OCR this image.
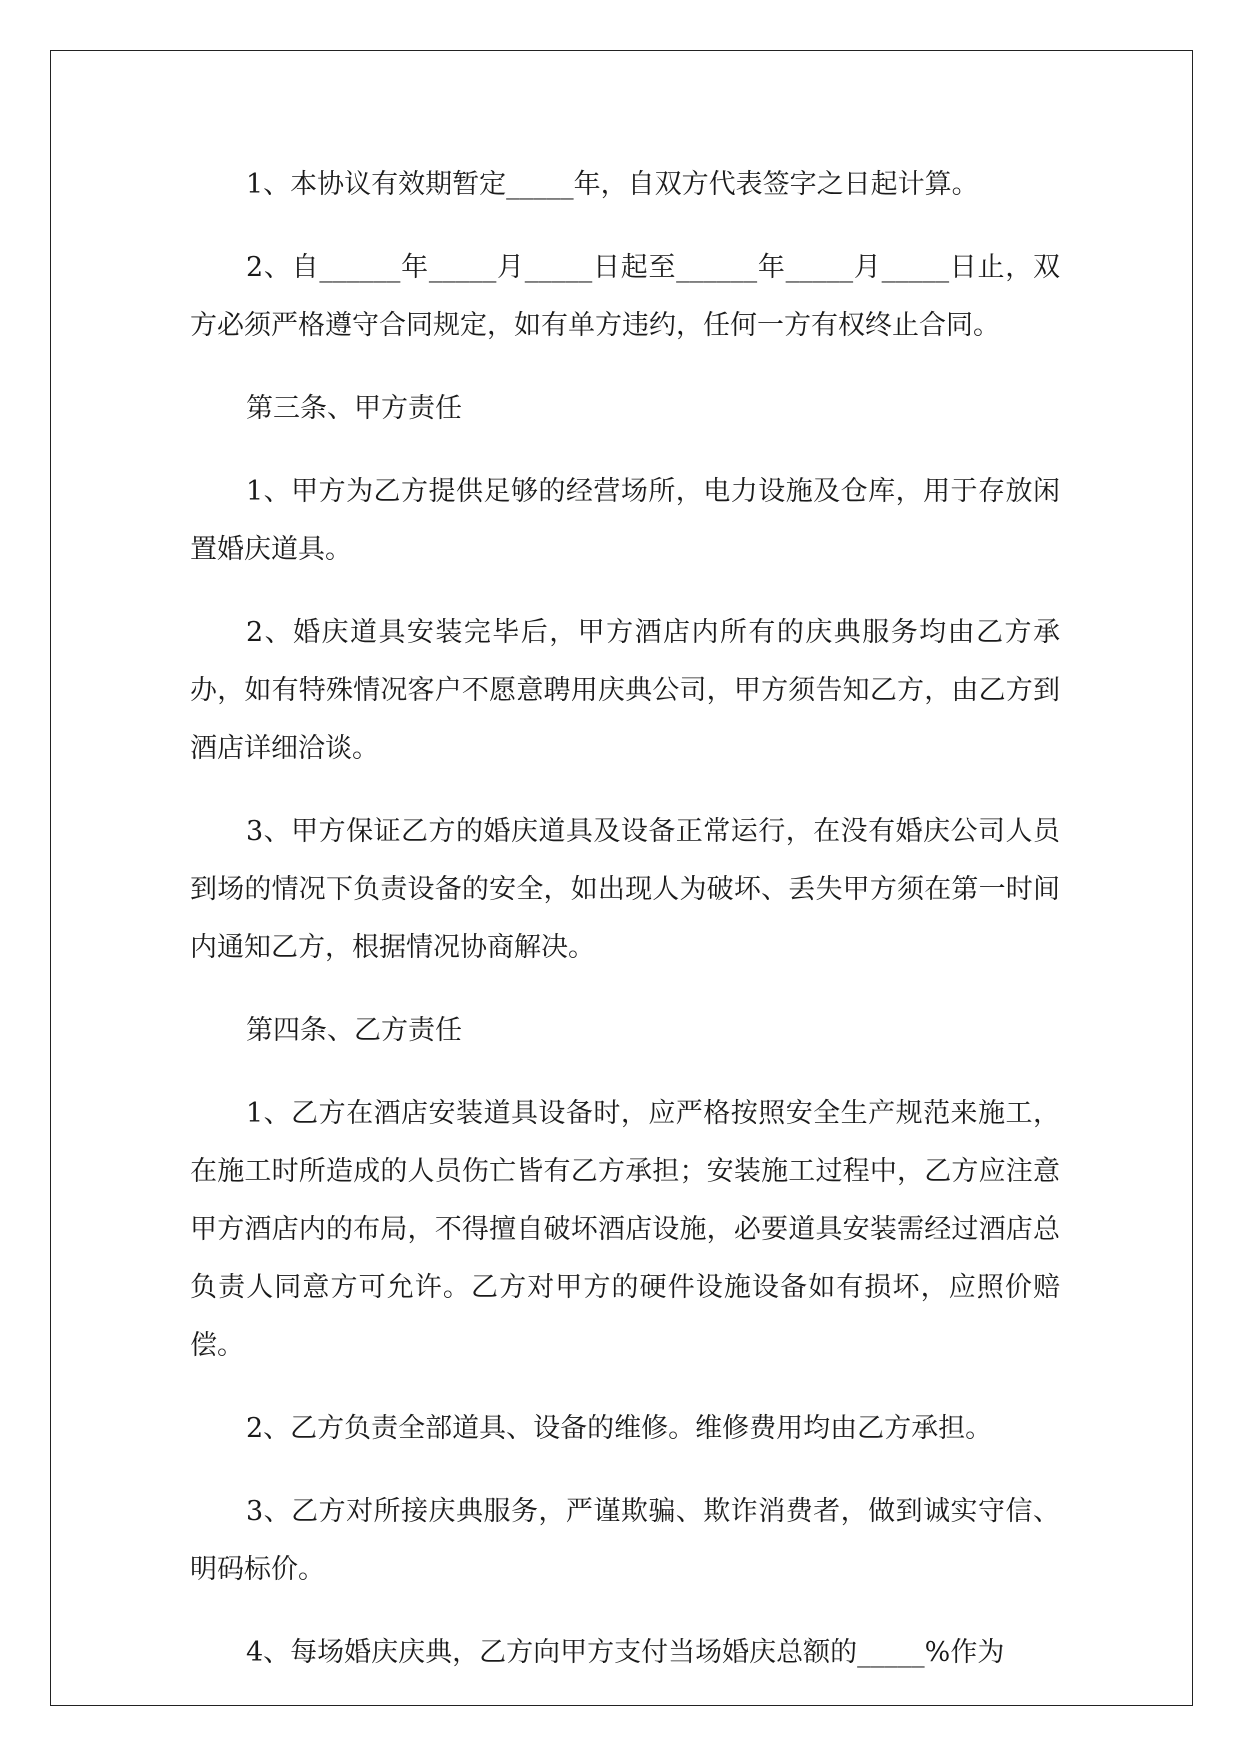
1、本协议有效期暂定_____年，自双方代表签字之日起计算。

2、自______年_____月_____日起至______年_____月_____日止，双方必须严格遵守合同规定，如有单方违约，任何一方有权终止合同。

第三条、甲方责任

1、甲方为乙方提供足够的经营场所，电力设施及仓库，用于存放闲置婚庆道具。

2、婚庆道具安装完毕后，甲方酒店内所有的庆典服务均由乙方承办，如有特殊情况客户不愿意聘用庆典公司，甲方须告知乙方，由乙方到酒店详细洽谈。

3、甲方保证乙方的婚庆道具及设备正常运行，在没有婚庆公司人员到场的情况下负责设备的安全，如出现人为破坏、丢失甲方须在第一时间内通知乙方，根据情况协商解决。

第四条、乙方责任

1、乙方在酒店安装道具设备时，应严格按照安全生产规范来施工，在施工时所造成的人员伤亡皆有乙方承担；安装施工过程中，乙方应注意甲方酒店内的布局，不得擅自破坏酒店设施，必要道具安装需经过酒店总负责人同意方可允许。乙方对甲方的硬件设施设备如有损坏，应照价赔偿。

2、乙方负责全部道具、设备的维修。维修费用均由乙方承担。

3、乙方对所接庆典服务，严谨欺骗、欺诈消费者，做到诚实守信、明码标价。

4、每场婚庆庆典，乙方向甲方支付当场婚庆总额的_____%作为
